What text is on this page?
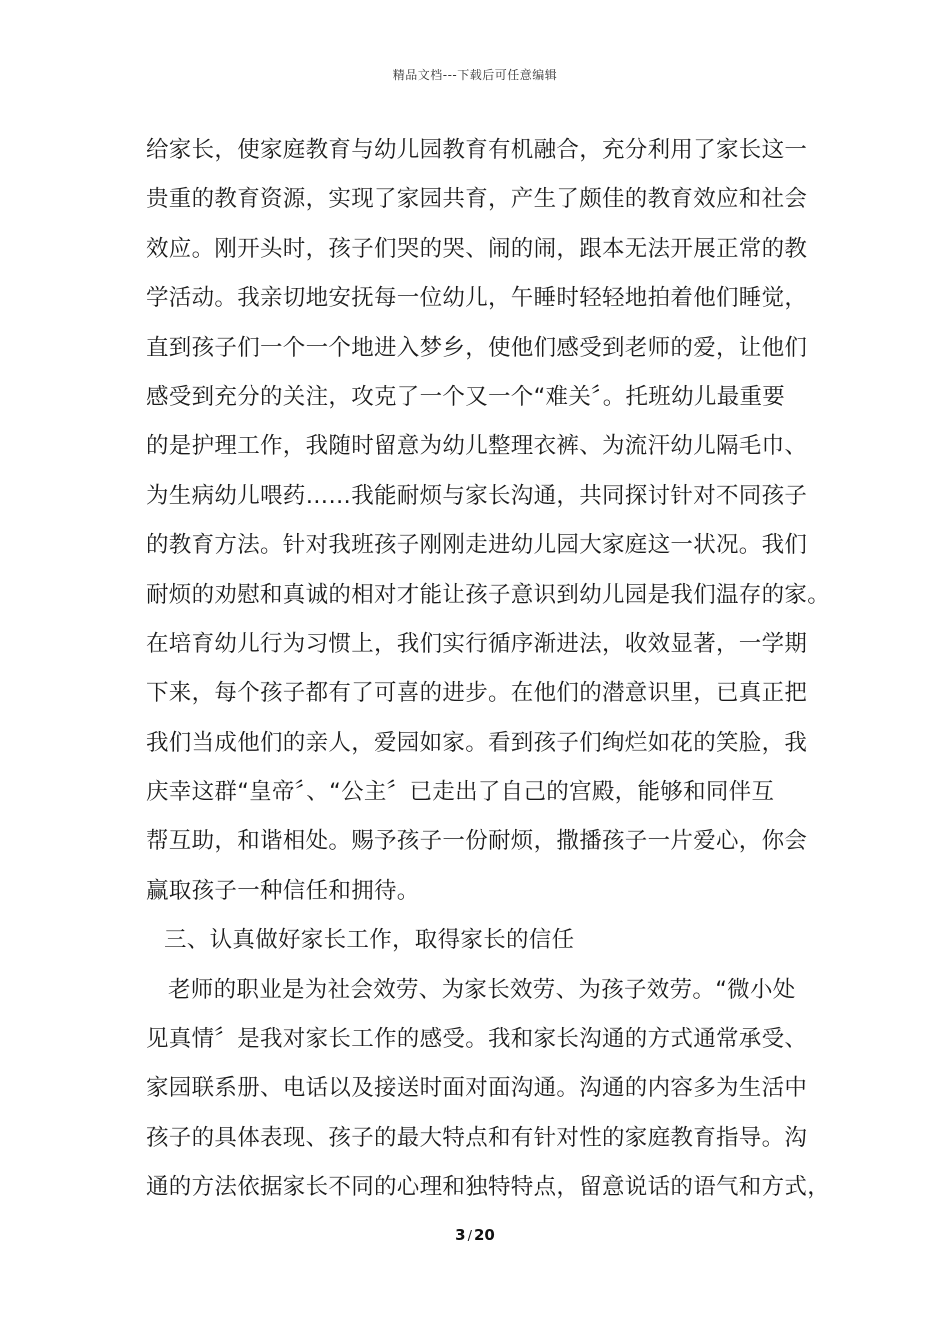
精品文档---下载后可任意编辑
给家长，使家庭教育与幼儿园教育有机融合，充分利用了家长这一
贵重的教育资源，实现了家园共育，产生了颇佳的教育效应和社会
效应。刚开头时，孩子们哭的哭、闹的闹，跟本无法开展正常的教
学活动。我亲切地安抚每一位幼儿，午睡时轻轻地拍着他们睡觉，
直到孩子们一个一个地进入梦乡，使他们感受到老师的爱，让他们
感受到充分的关注，攻克了一个又一个“难关〞。托班幼儿最重要
的是护理工作，我随时留意为幼儿整理衣裤、为流汗幼儿隔毛巾、
为生病幼儿喂药……我能耐烦与家长沟通，共同探讨针对不同孩子
的教育方法。针对我班孩子刚刚走进幼儿园大家庭这一状况。我们
耐烦的劝慰和真诚的相对才能让孩子意识到幼儿园是我们温存的家。
在培育幼儿行为习惯上，我们实行循序渐进法，收效显著，一学期
下来，每个孩子都有了可喜的进步。在他们的潜意识里，已真正把
我们当成他们的亲人，爱园如家。看到孩子们绚烂如花的笑脸，我
庆幸这群“皇帝〞、“公主〞已走出了自己的宫殿，能够和同伴互
帮互助，和谐相处。赐予孩子一份耐烦，撒播孩子一片爱心，你会
赢取孩子一种信任和拥待。
三、认真做好家长工作，取得家长的信任
老师的职业是为社会效劳、为家长效劳、为孩子效劳。“微小处
见真情〞是我对家长工作的感受。我和家长沟通的方式通常承受、
家园联系册、电话以及接送时面对面沟通。沟通的内容多为生活中
孩子的具体表现、孩子的最大特点和有针对性的家庭教育指导。沟
通的方法依据家长不同的心理和独特特点，留意说话的语气和方式，
3 / 20
